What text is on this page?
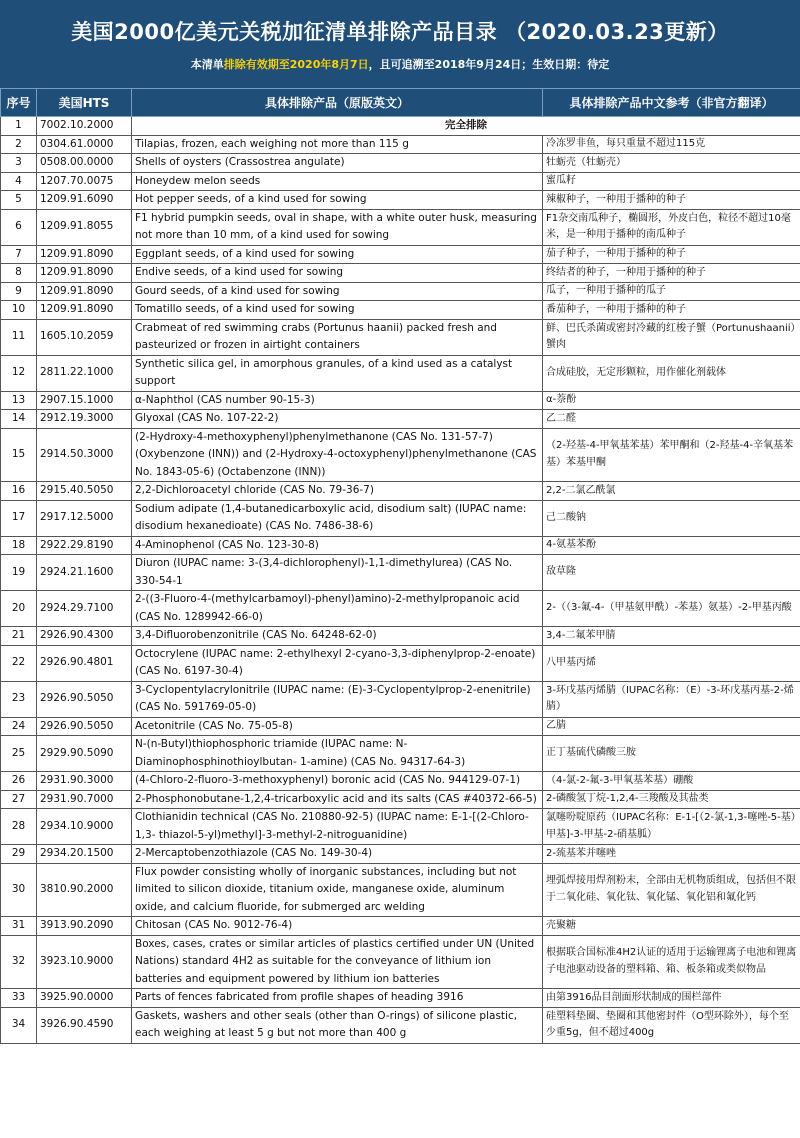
美国2000亿美元关税加征清单排除产品目录 （2020.03.23更新）
本清单排除有效期至2020年8月7日，且可追溯至2018年9月24日；生效日期：待定
序号	美国HTS	具体排除产品（原版英文）	具体排除产品中文参考（非官方翻译）
1	7002.10.2000	完全排除	
2	0304.61.0000	Tilapias, frozen, each weighing not more than 115 g	冷冻罗非鱼，每只重量不超过115克
3	0508.00.0000	Shells of oysters (Crassostrea angulate)	牡蛎壳（牡蛎壳）
4	1207.70.0075	Honeydew melon seeds	蜜瓜籽
5	1209.91.6090	Hot pepper seeds, of a kind used for sowing	辣椒种子，一种用于播种的种子
6	1209.91.8055	F1 hybrid pumpkin seeds, oval in shape, with a white outer husk, measuring not more than 10 mm, of a kind used for sowing	F1杂交南瓜种子，椭圆形，外皮白色，粒径不超过10毫米，是一种用于播种的南瓜种子
7	1209.91.8090	Eggplant seeds, of a kind used for sowing	茄子种子，一种用于播种的种子
8	1209.91.8090	Endive seeds, of a kind used for sowing	终结者的种子，一种用于播种的种子
9	1209.91.8090	Gourd seeds, of a kind used for sowing	瓜子，一种用于播种的瓜子
10	1209.91.8090	Tomatillo seeds, of a kind used for sowing	番茄种子，一种用于播种的种子
11	1605.10.2059	Crabmeat of red swimming crabs (Portunus haanii) packed fresh and pasteurized or frozen in airtight containers	鲜、巴氏杀菌或密封冷藏的红梭子蟹（Portunushaanii）蟹肉
12	2811.22.1000	Synthetic silica gel, in amorphous granules, of a kind used as a catalyst support	合成硅胶，无定形颗粒，用作催化剂载体
13	2907.15.1000	α-Naphthol (CAS number 90-15-3)	α-萘酚
14	2912.19.3000	Glyoxal (CAS No. 107-22-2)	乙二醛
15	2914.50.3000	(2-Hydroxy-4-methoxyphenyl)phenylmethanone (CAS No. 131-57-7) (Oxybenzone (INN)) and (2-Hydroxy-4-octoxyphenyl)phenylmethanone (CAS No. 1843-05-6) (Octabenzone (INN))	（2-羟基-4-甲氧基苯基）苯甲酮和（2-羟基-4-辛氧基苯基）苯基甲酮
16	2915.40.5050	2,2-Dichloroacetyl chloride (CAS No. 79-36-7)	2,2-二氯乙酰氯
17	2917.12.5000	Sodium adipate (1,4-butanedicarboxylic acid, disodium salt) (IUPAC name: disodium hexanedioate) (CAS No. 7486-38-6)	己二酸钠
18	2922.29.8190	4-Aminophenol (CAS No. 123-30-8)	4-氨基苯酚
19	2924.21.1600	Diuron (IUPAC name: 3-(3,4-dichlorophenyl)-1,1-dimethylurea) (CAS No. 330-54-1	敌草隆
20	2924.29.7100	2-((3-Fluoro-4-(methylcarbamoyl)-phenyl)amino)-2-methylpropanoic acid (CAS No. 1289942-66-0)	2-（（3-氟-4-（甲基氨甲酰）-苯基）氨基）-2-甲基丙酸
21	2926.90.4300	3,4-Difluorobenzonitrile (CAS No. 64248-62-0)	3,4-二氟苯甲腈
22	2926.90.4801	Octocrylene (IUPAC name: 2-ethylhexyl 2-cyano-3,3-diphenylprop-2-enoate) (CAS No. 6197-30-4)	八甲基丙烯
23	2926.90.5050	3-Cyclopentylacrylonitrile (IUPAC name: (E)-3-Cyclopentylprop-2-enenitrile) (CAS No. 591769-05-0)	3-环戊基丙烯腈（IUPAC名称：（E）-3-环戊基丙基-2-烯腈）
24	2926.90.5050	Acetonitrile (CAS No. 75-05-8)	乙腈
25	2929.90.5090	N-(n-Butyl)thiophosphoric triamide (IUPAC name: N-Diaminophosphinothioylbutan- 1-amine) (CAS No. 94317-64-3)	正丁基硫代磷酸三胺
26	2931.90.3000	(4-Chloro-2-fluoro-3-methoxyphenyl) boronic acid (CAS No. 944129-07-1)	（4-氯-2-氟-3-甲氧基苯基）硼酸
27	2931.90.7000	2-Phosphonobutane-1,2,4-tricarboxylic acid and its salts (CAS #40372-66-5)	2-磷酸氢丁烷-1,2,4-三羧酸及其盐类
28	2934.10.9000	Clothianidin technical (CAS No. 210880-92-5) (IUPAC name: E-1-[(2-Chloro-1,3- thiazol-5-yl)methyl]-3-methyl-2-nitroguanidine)	氯噻吩啶原药（IUPAC名称：E-1-[（2-氯-1,3-噻唑-5-基）甲基]-3-甲基-2-硝基胍）
29	2934.20.1500	2-Mercaptobenzothiazole (CAS No. 149-30-4)	2-巯基苯并噻唑
30	3810.90.2000	Flux powder consisting wholly of inorganic substances, including but not limited to silicon dioxide, titanium oxide, manganese oxide, aluminum oxide, and calcium fluoride, for submerged arc welding	埋弧焊接用焊剂粉末，全部由无机物质组成，包括但不限于二氧化硅、氧化钛、氧化锰、氧化铝和氟化钙
31	3913.90.2090	Chitosan (CAS No. 9012-76-4)	壳聚糖
32	3923.10.9000	Boxes, cases, crates or similar articles of plastics certified under UN (United Nations) standard 4H2 as suitable for the conveyance of lithium ion batteries and equipment powered by lithium ion batteries	根据联合国标准4H2认证的适用于运输锂离子电池和锂离子电池驱动设备的塑料箱、箱、板条箱或类似物品
33	3925.90.0000	Parts of fences fabricated from profile shapes of heading 3916	由第3916品目剖面形状制成的围栏部件
34	3926.90.4590	Gaskets, washers and other seals (other than O-rings) of silicone plastic, each weighing at least 5 g but not more than 400 g	硅塑料垫圈、垫圈和其他密封件（O型环除外），每个至少重5g，但不超过400g
